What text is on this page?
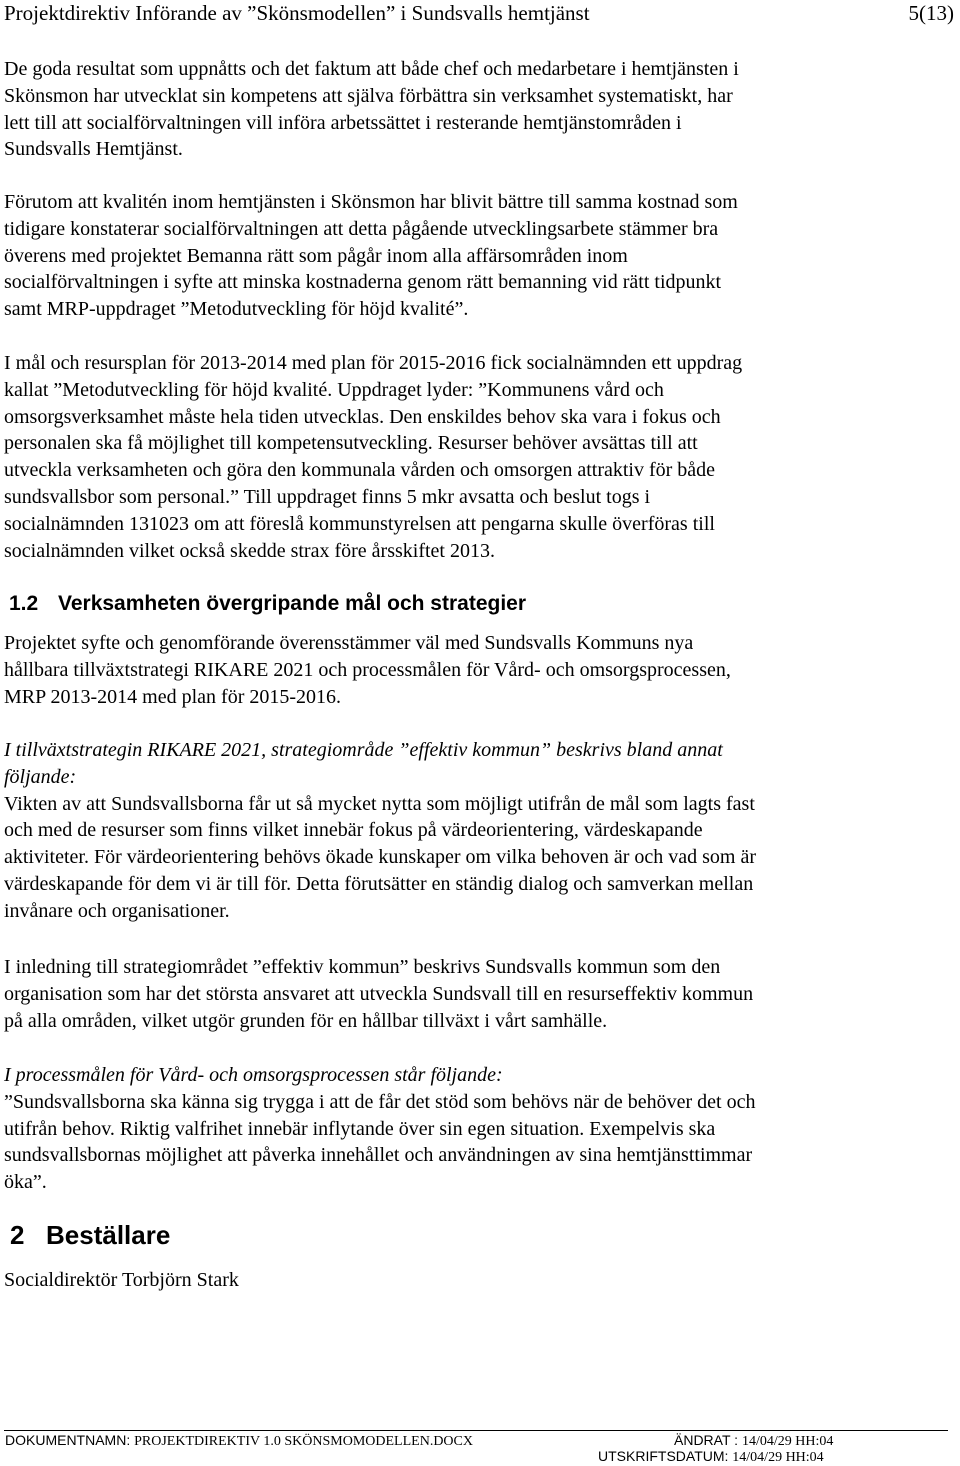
Projektdirektiv Införande av ”Skönsmodellen” i Sundsvalls hemtjänst	5(13)

De goda resultat som uppnåtts och det faktum att både chef och medarbetare i hemtjänsten i

Skönsmon har utvecklat sin kompetens att själva förbättra sin verksamhet systematiskt, har

lett till att socialförvaltningen vill införa arbetssättet i resterande hemtjänstområden i

Sundsvalls Hemtjänst.

Förutom att kvalitén inom hemtjänsten i Skönsmon har blivit bättre till samma kostnad som

tidigare konstaterar socialförvaltningen att detta pågående utvecklingsarbete stämmer bra

överens med projektet Bemanna rätt som pågår inom alla affärsområden inom

socialförvaltningen i syfte att minska kostnaderna genom rätt bemanning vid rätt tidpunkt

samt MRP-uppdraget ”Metodutveckling för höjd kvalité”.

I mål och resursplan för 2013-2014 med plan för 2015-2016 fick socialnämnden ett uppdrag

kallat ”Metodutveckling för höjd kvalité. Uppdraget lyder: ”Kommunens vård och

omsorgsverksamhet måste hela tiden utvecklas. Den enskildes behov ska vara i fokus och

personalen ska få möjlighet till kompetensutveckling. Resurser behöver avsättas till att

utveckla verksamheten och göra den kommunala vården och omsorgen attraktiv för både

sundsvallsbor som personal.” Till uppdraget finns 5 mkr avsatta och beslut togs i

socialnämnden 131023 om att föreslå kommunstyrelsen att pengarna skulle överföras till

socialnämnden vilket också skedde strax före årsskiftet 2013.

1.2 Verksamheten övergripande mål och strategier

Projektet syfte och genomförande överensstämmer väl med Sundsvalls Kommuns nya

hållbara tillväxtstrategi RIKARE 2021 och processmålen för Vård- och omsorgsprocessen,

MRP 2013-2014 med plan för 2015-2016.

I tillväxtstrategin RIKARE 2021, strategiområde ”effektiv kommun” beskrivs bland annat

följande:

Vikten av att Sundsvallsborna får ut så mycket nytta som möjligt utifrån de mål som lagts fast

och med de resurser som finns vilket innebär fokus på värdeorientering, värdeskapande

aktiviteter. För värdeorientering behövs ökade kunskaper om vilka behoven är och vad som är

värdeskapande för dem vi är till för. Detta förutsätter en ständig dialog och samverkan mellan

invånare och organisationer.

I inledning till strategiområdet ”effektiv kommun” beskrivs Sundsvalls kommun som den

organisation som har det största ansvaret att utveckla Sundsvall till en resurseffektiv kommun

på alla områden, vilket utgör grunden för en hållbar tillväxt i vårt samhälle.

I processmålen för Vård- och omsorgsprocessen står följande:

”Sundsvallsborna ska känna sig trygga i att de får det stöd som behövs när de behöver det och

utifrån behov. Riktig valfrihet innebär inflytande över sin egen situation. Exempelvis ska

sundsvallsbornas möjlighet att påverka innehållet och användningen av sina hemtjänsttimmar

öka”.

2 Beställare

Socialdirektör Torbjörn Stark

DOKUMENTNAMN: PROJEKTDIREKTIV 1.0 SKÖNSMOMODELLEN.DOCX	ÄNDRAT : 14/04/29 HH:04
UTSKRIFTSDATUM: 14/04/29 HH:04
